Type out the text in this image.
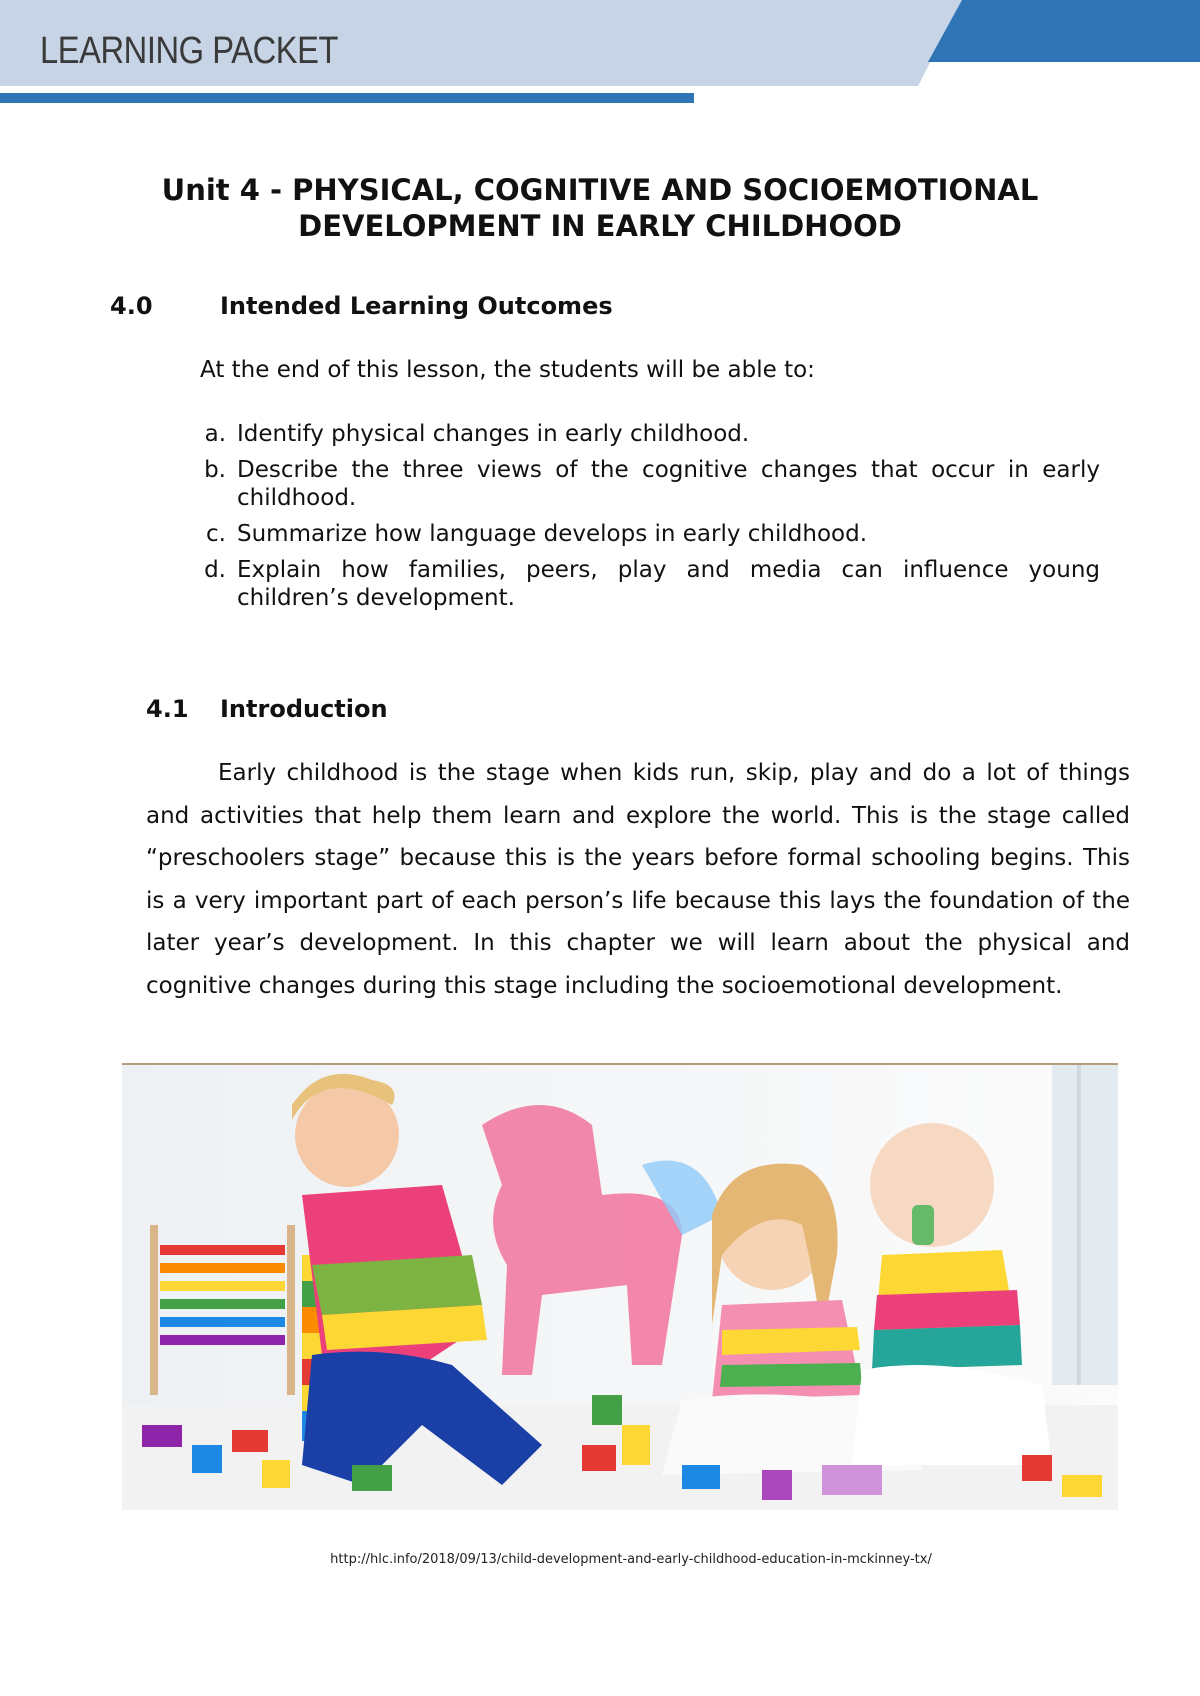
LEARNING PACKET
Unit 4 - PHYSICAL, COGNITIVE AND SOCIOEMOTIONAL DEVELOPMENT IN EARLY CHILDHOOD
4.0	Intended Learning Outcomes

At the end of this lesson, the students will be able to:

a. Identify physical changes in early childhood.
b. Describe the three views of the cognitive changes that occur in early childhood.
c. Summarize how language develops in early childhood.
d. Explain how families, peers, play and media can influence young children’s development.
4.1 Introduction

Early childhood is the stage when kids run, skip, play and do a lot of things and activities that help them learn and explore the world. This is the stage called “preschoolers stage” because this is the years before formal schooling begins. This is a very important part of each person’s life because this lays the foundation of the later year’s development. In this chapter we will learn about the physical and cognitive changes during this stage including the socioemotional development.

http://hlc.info/2018/09/13/child-development-and-early-childhood-education-in-mckinney-tx/
